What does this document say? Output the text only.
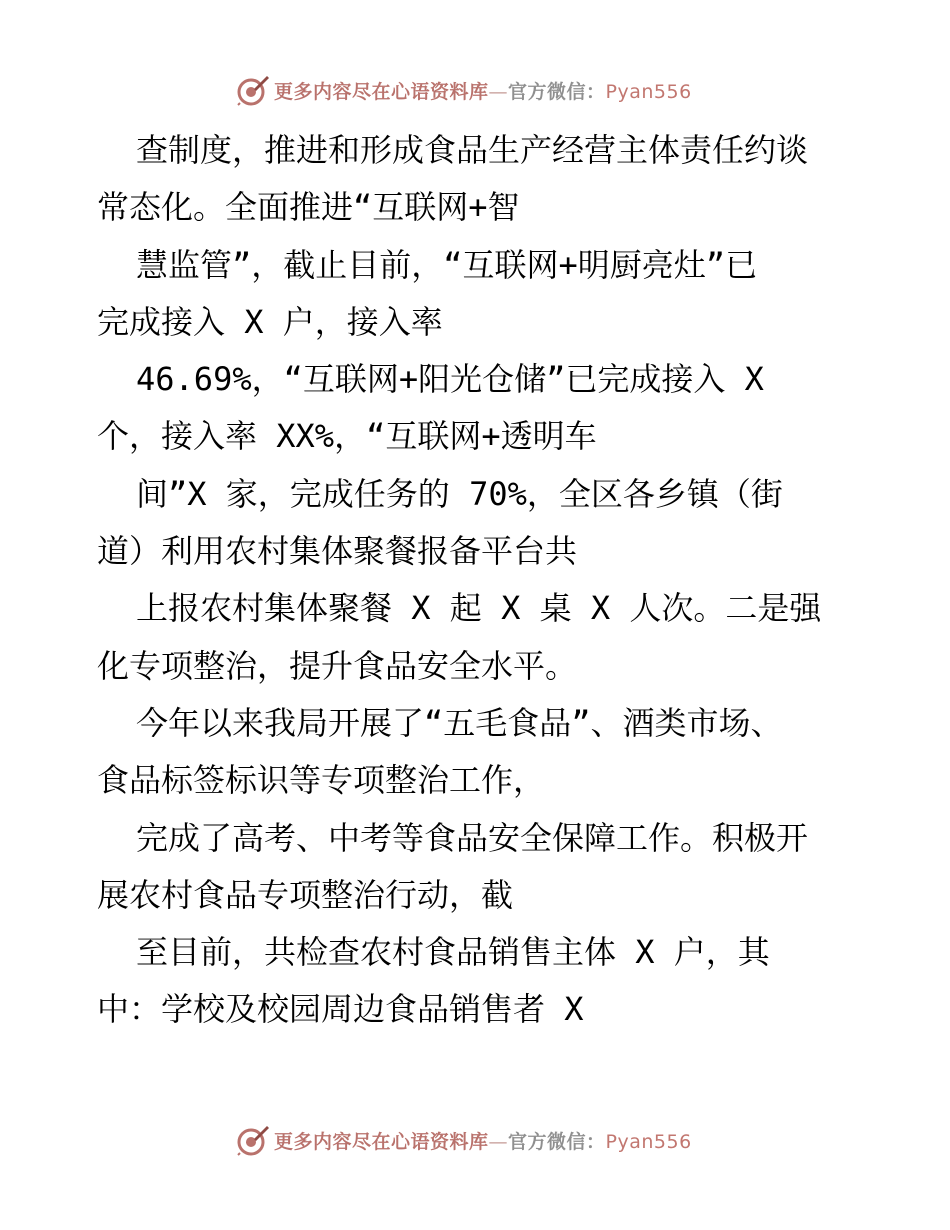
更多内容尽在心语资料库—官方微信：Pyan556
查制度，推进和形成食品生产经营主体责任约谈
常态化。全面推进“互联网+智
慧监管”，截止目前，“互联网+明厨亮灶”已
完成接入 X 户，接入率
46.69%，“互联网+阳光仓储”已完成接入 X
个，接入率 XX%，“互联网+透明车
间”X 家，完成任务的 70%，全区各乡镇（街
道）利用农村集体聚餐报备平台共
上报农村集体聚餐 X 起 X 桌 X 人次。二是强
化专项整治，提升食品安全水平。
今年以来我局开展了“五毛食品”、酒类市场、
食品标签标识等专项整治工作，
完成了高考、中考等食品安全保障工作。积极开
展农村食品专项整治行动，截
至目前，共检查农村食品销售主体 X 户，其
中：学校及校园周边食品销售者 X
更多内容尽在心语资料库—官方微信：Pyan556
